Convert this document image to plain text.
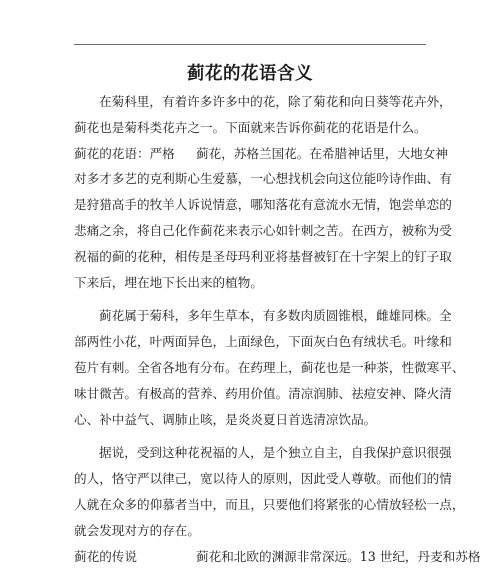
蓟花的花语含义
在菊科里，有着许多许多中的花，除了菊花和向日葵等花卉外，
蓟花也是菊科类花卉之一。下面就来告诉你蓟花的花语是什么。
蓟花的花语：严格 蓟花，苏格兰国花。在希腊神话里，大地女神
对多才多艺的克利斯心生爱慕，一心想找机会向这位能吟诗作曲、有
是狩猎高手的牧羊人诉说情意，哪知落花有意流水无情，饱尝单恋的
悲痛之余，将自己化作蓟花来表示心如针刺之苦。在西方，被称为受
祝福的蓟的花种，相传是圣母玛利亚将基督被钉在十字架上的钉子取
下来后，埋在地下长出来的植物。
蓟花属于菊科，多年生草本，有多数肉质圆锥根，雌雄同株。全
部两性小花，叶两面异色，上面绿色，下面灰白色有绒状毛。叶缘和
苞片有刺。全省各地有分布。在药理上，蓟花也是一种茶，性微寒平、
味甘微苦。有极高的营养、药用价值。清凉润肺、祛痘安神、降火清
心、补中益气、调肺止咳，是炎炎夏日首选清凉饮品。
据说，受到这种花祝福的人，是个独立自主，自我保护意识很强
的人，恪守严以律己，宽以待人的原则，因此受人尊敬。而他们的情
人就在众多的仰慕者当中，而且，只要他们将紧张的心情放轻松一点，
就会发现对方的存在。
蓟花的传说	蓟花和北欧的渊源非常深远。13 世纪，丹麦和苏格
